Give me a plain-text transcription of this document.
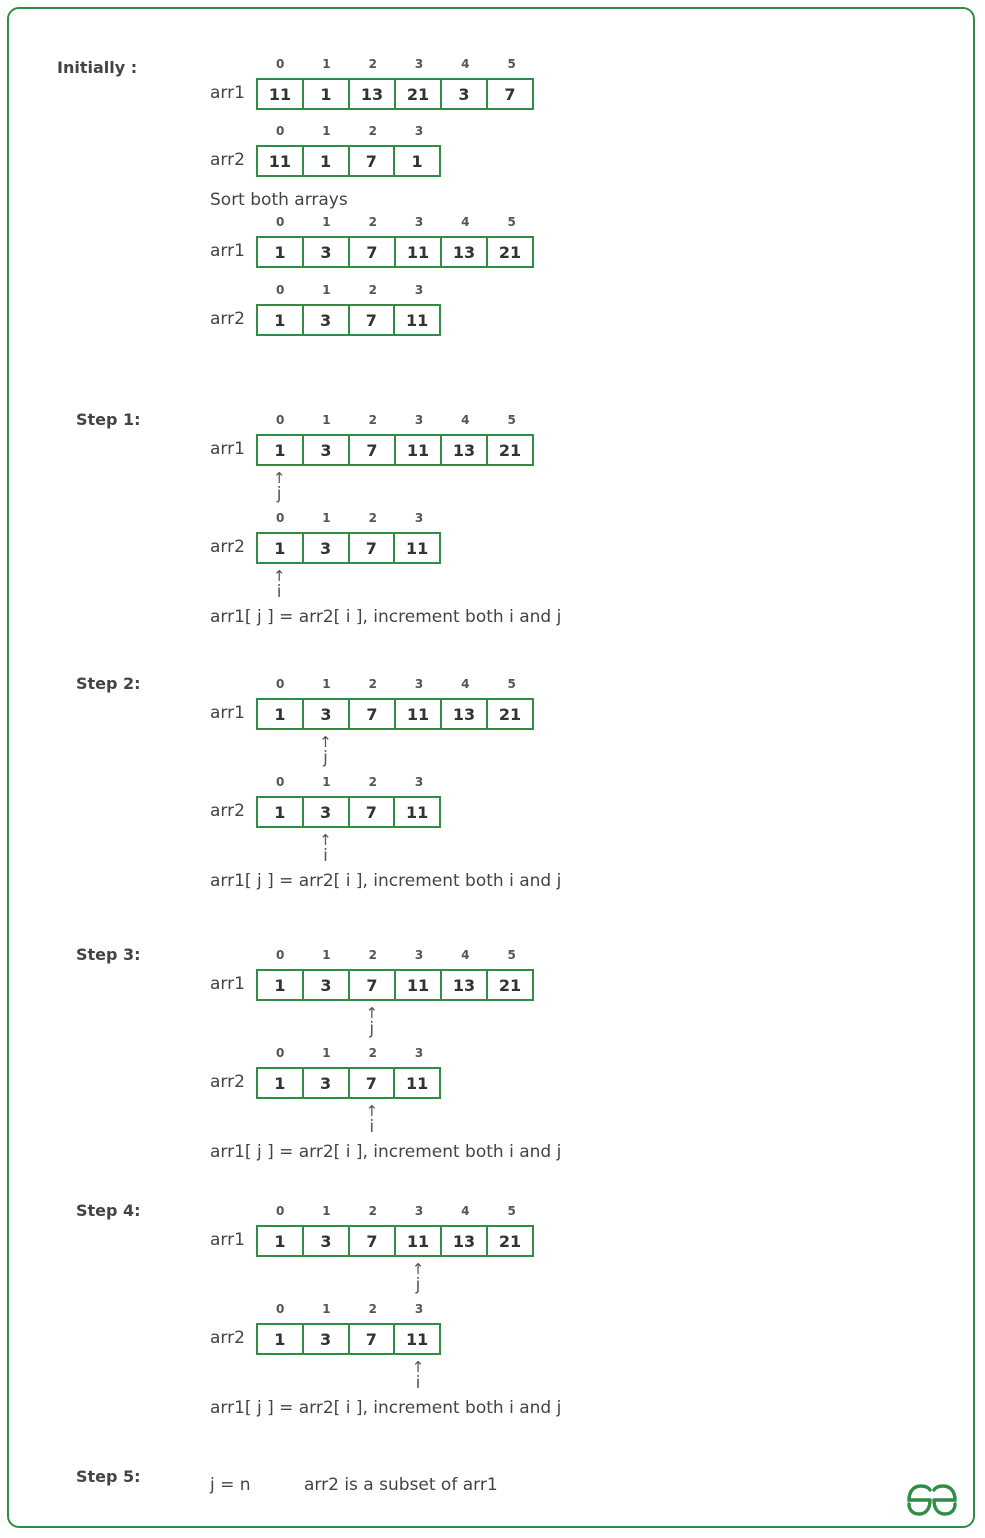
Initially :	0	1	2	3	4	5
arr1	11	1	13	21	3	7
0	1	2	3
arr2	11	1	7	1
Sort both arrays
0	1	2	3	4	5
arr1	1	3	7	11	13	21
0	1	2	3
arr2	1	3	7	11
Step 1:	0	1	2	3	4	5
arr1	1	3	7	11	13	21
↑
j
0	1	2	3
arr2	1	3	7	11
↑
i
arr1[ j ] = arr2[ i ], increment both i and j
Step 2:	0	1	2	3	4	5
arr1	1	3	7	11	13	21
↑
j
0	1	2	3
arr2	1	3	7	11
↑
i
arr1[ j ] = arr2[ i ], increment both i and j
Step 3:	0	1	2	3	4	5
arr1	1	3	7	11	13	21
↑
j
0	1	2	3
arr2	1	3	7	11
↑
i
arr1[ j ] = arr2[ i ], increment both i and j
Step 4:	0	1	2	3	4	5
arr1	1	3	7	11	13	21
↑
j
0	1	2	3
arr2	1	3	7	11
↑
i
arr1[ j ] = arr2[ i ], increment both i and j
Step 5:	j = n	arr2 is a subset of arr1
